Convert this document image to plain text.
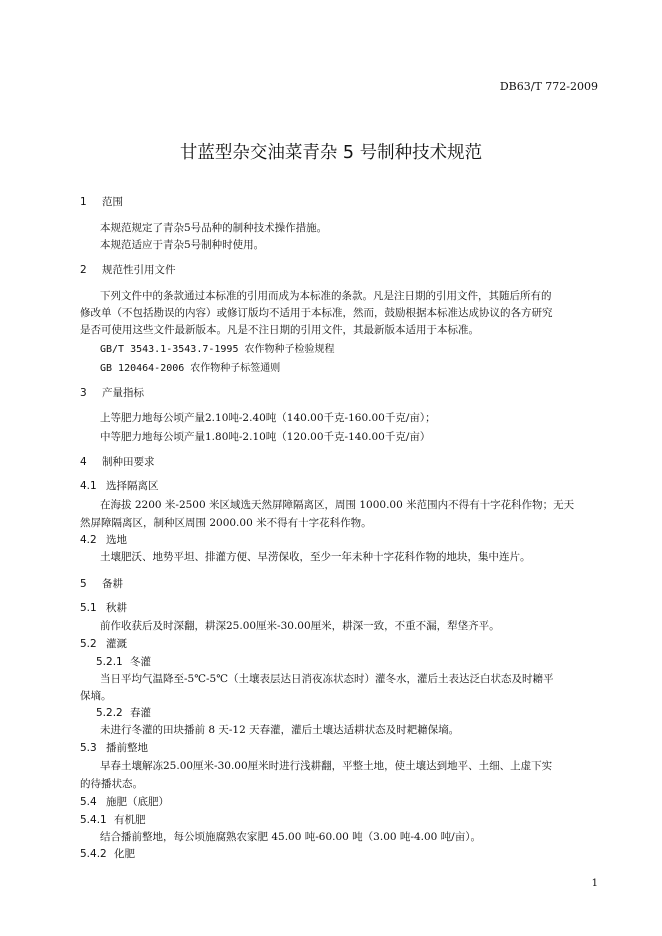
DB63/T 772-2009
甘蓝型杂交油菜青杂 5 号制种技术规范
1 范围
本规范规定了青杂5号品种的制种技术操作措施。
本规范适应于青杂5号制种时使用。
2 规范性引用文件
下列文件中的条款通过本标准的引用而成为本标准的条款。凡是注日期的引用文件，其随后所有的
修改单（不包括勘误的内容）或修订版均不适用于本标准，然而，鼓励根据本标准达成协议的各方研究
是否可使用这些文件最新版本。凡是不注日期的引用文件，其最新版本适用于本标准。
GB/T 3543.1-3543.7-1995 农作物种子检验规程
GB 120464-2006 农作物种子标签通则
3 产量指标
上等肥力地每公顷产量2.10吨-2.40吨（140.00千克-160.00千克/亩）；
中等肥力地每公顷产量1.80吨-2.10吨（120.00千克-140.00千克/亩）
4 制种田要求
4.1 选择隔离区
在海拔 2200 米-2500 米区域选天然屏障隔离区，周围 1000.00 米范围内不得有十字花科作物；无天
然屏障隔离区，制种区周围 2000.00 米不得有十字花科作物。
4.2 选地
土壤肥沃、地势平坦、排灌方便、早涝保收，至少一年未种十字花科作物的地块，集中连片。
5 备耕
5.1 秋耕
前作收获后及时深翻，耕深25.00厘米-30.00厘米，耕深一致，不重不漏，犁垡齐平。
5.2 灌溉
5.2.1 冬灌
当日平均气温降至-5℃-5℃（土壤表层达日消夜冻状态时）灌冬水，灌后土表达泛白状态及时耱平
保墒。
5.2.2 春灌
未进行冬灌的田块播前 8 天-12 天春灌，灌后土壤达适耕状态及时耙耱保墒。
5.3 播前整地
早春土壤解冻25.00厘米-30.00厘米时进行浅耕翻，平整土地，使土壤达到地平、土细、上虚下实
的待播状态。
5.4 施肥（底肥）
5.4.1 有机肥
结合播前整地，每公顷施腐熟农家肥 45.00 吨-60.00 吨（3.00 吨-4.00 吨/亩）。
5.4.2 化肥
1
